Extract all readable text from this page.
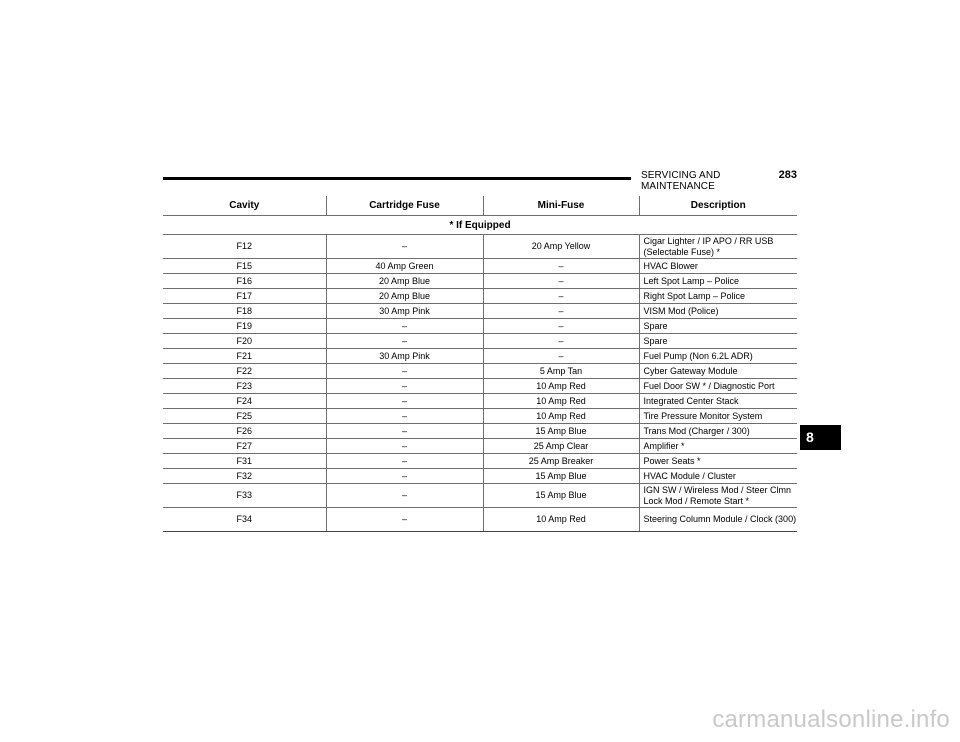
SERVICING AND MAINTENANCE
283
Cavity	Cartridge Fuse	Mini-Fuse	Description
* If Equipped			
F12	–	20 Amp Yellow	Cigar Lighter / IP APO / RR USB (Selectable Fuse) *
F15	40 Amp Green	–	HVAC Blower
F16	20 Amp Blue	–	Left Spot Lamp – Police
F17	20 Amp Blue	–	Right Spot Lamp – Police
F18	30 Amp Pink	–	VISM Mod (Police)
F19	–	–	Spare
F20	–	–	Spare
F21	30 Amp Pink	–	Fuel Pump (Non 6.2L ADR)
F22	–	5 Amp Tan	Cyber Gateway Module
F23	–	10 Amp Red	Fuel Door SW * / Diagnostic Port
F24	–	10 Amp Red	Integrated Center Stack
F25	–	10 Amp Red	Tire Pressure Monitor System
F26	–	15 Amp Blue	Trans Mod (Charger / 300)
F27	–	25 Amp Clear	Amplifier *
F31	–	25 Amp Breaker	Power Seats *
F32	–	15 Amp Blue	HVAC Module / Cluster
F33	–	15 Amp Blue	IGN SW / Wireless Mod / Steer Clmn Lock Mod / Remote Start *
F34	–	10 Amp Red	Steering Column Module / Clock (300)
8
carmanualsonline.info
